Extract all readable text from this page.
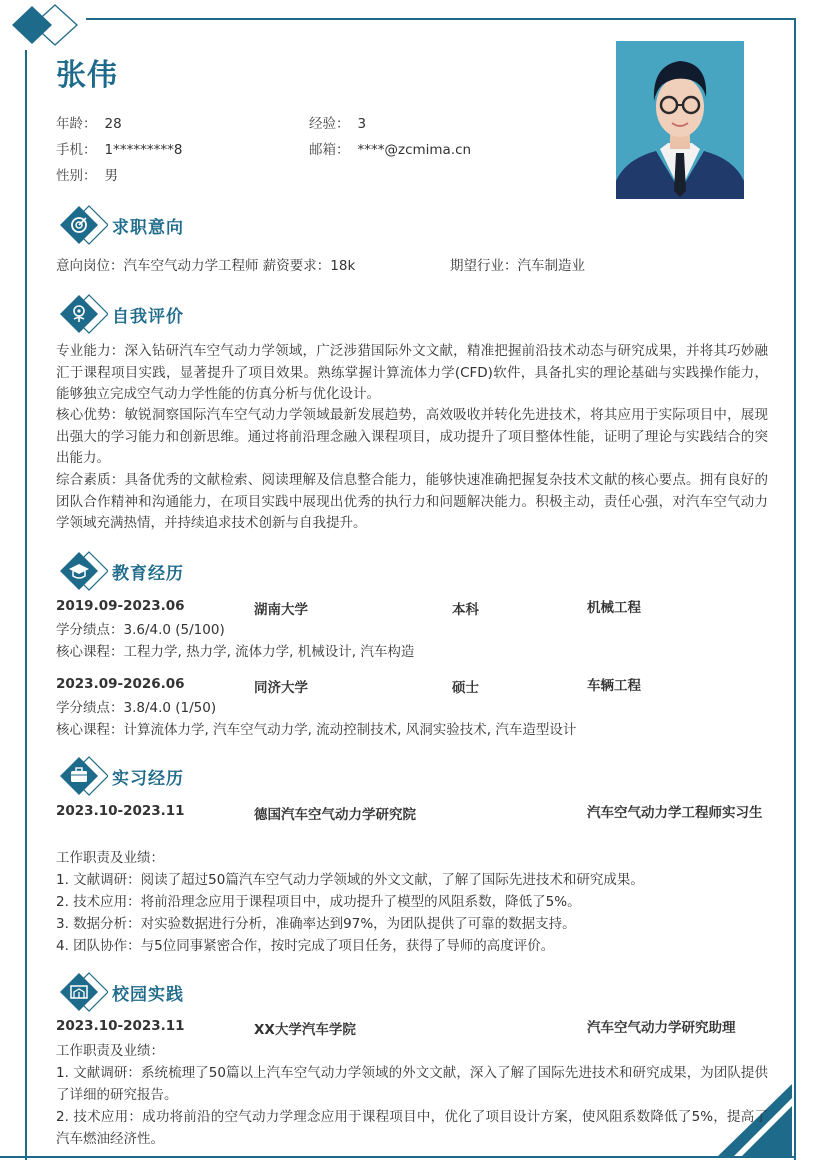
张伟
年龄： 28	经验： 3
手机： 1*********8	邮箱： ****@zcmima.cn
性别： 男
求职意向
意向岗位：汽车空气动力学工程师 薪资要求：18k	期望行业：汽车制造业
自我评价
专业能力：深入钻研汽车空气动力学领域，广泛涉猎国际外文文献，精准把握前沿技术动态与研究成果，并将其巧妙融汇于课程项目实践，显著提升了项目效果。熟练掌握计算流体力学(CFD)软件，具备扎实的理论基础与实践操作能力，能够独立完成空气动力学性能的仿真分析与优化设计。
核心优势：敏锐洞察国际汽车空气动力学领域最新发展趋势，高效吸收并转化先进技术，将其应用于实际项目中，展现出强大的学习能力和创新思维。通过将前沿理念融入课程项目，成功提升了项目整体性能，证明了理论与实践结合的突出能力。
综合素质：具备优秀的文献检索、阅读理解及信息整合能力，能够快速准确把握复杂技术文献的核心要点。拥有良好的团队合作精神和沟通能力，在项目实践中展现出优秀的执行力和问题解决能力。积极主动，责任心强，对汽车空气动力学领域充满热情，并持续追求技术创新与自我提升。
教育经历
2019.09-2023.06	湖南大学	本科	机械工程
学分绩点：3.6/4.0 (5/100)
核心课程：工程力学, 热力学, 流体力学, 机械设计, 汽车构造
2023.09-2026.06	同济大学	硕士	车辆工程
学分绩点：3.8/4.0 (1/50)
核心课程：计算流体力学, 汽车空气动力学, 流动控制技术, 风洞实验技术, 汽车造型设计
实习经历
2023.10-2023.11	德国汽车空气动力学研究院	汽车空气动力学工程师实习生
工作职责及业绩：
1. 文献调研：阅读了超过50篇汽车空气动力学领域的外文文献，了解了国际先进技术和研究成果。
2. 技术应用：将前沿理念应用于课程项目中，成功提升了模型的风阻系数，降低了5%。
3. 数据分析：对实验数据进行分析，准确率达到97%，为团队提供了可靠的数据支持。
4. 团队协作：与5位同事紧密合作，按时完成了项目任务，获得了导师的高度评价。
校园实践
2023.10-2023.11	XX大学汽车学院	汽车空气动力学研究助理
工作职责及业绩：
1. 文献调研：系统梳理了50篇以上汽车空气动力学领域的外文文献，深入了解了国际先进技术和研究成果，为团队提供了详细的研究报告。
2. 技术应用：成功将前沿的空气动力学理念应用于课程项目中，优化了项目设计方案，使风阻系数降低了5%，提高了汽车燃油经济性。
